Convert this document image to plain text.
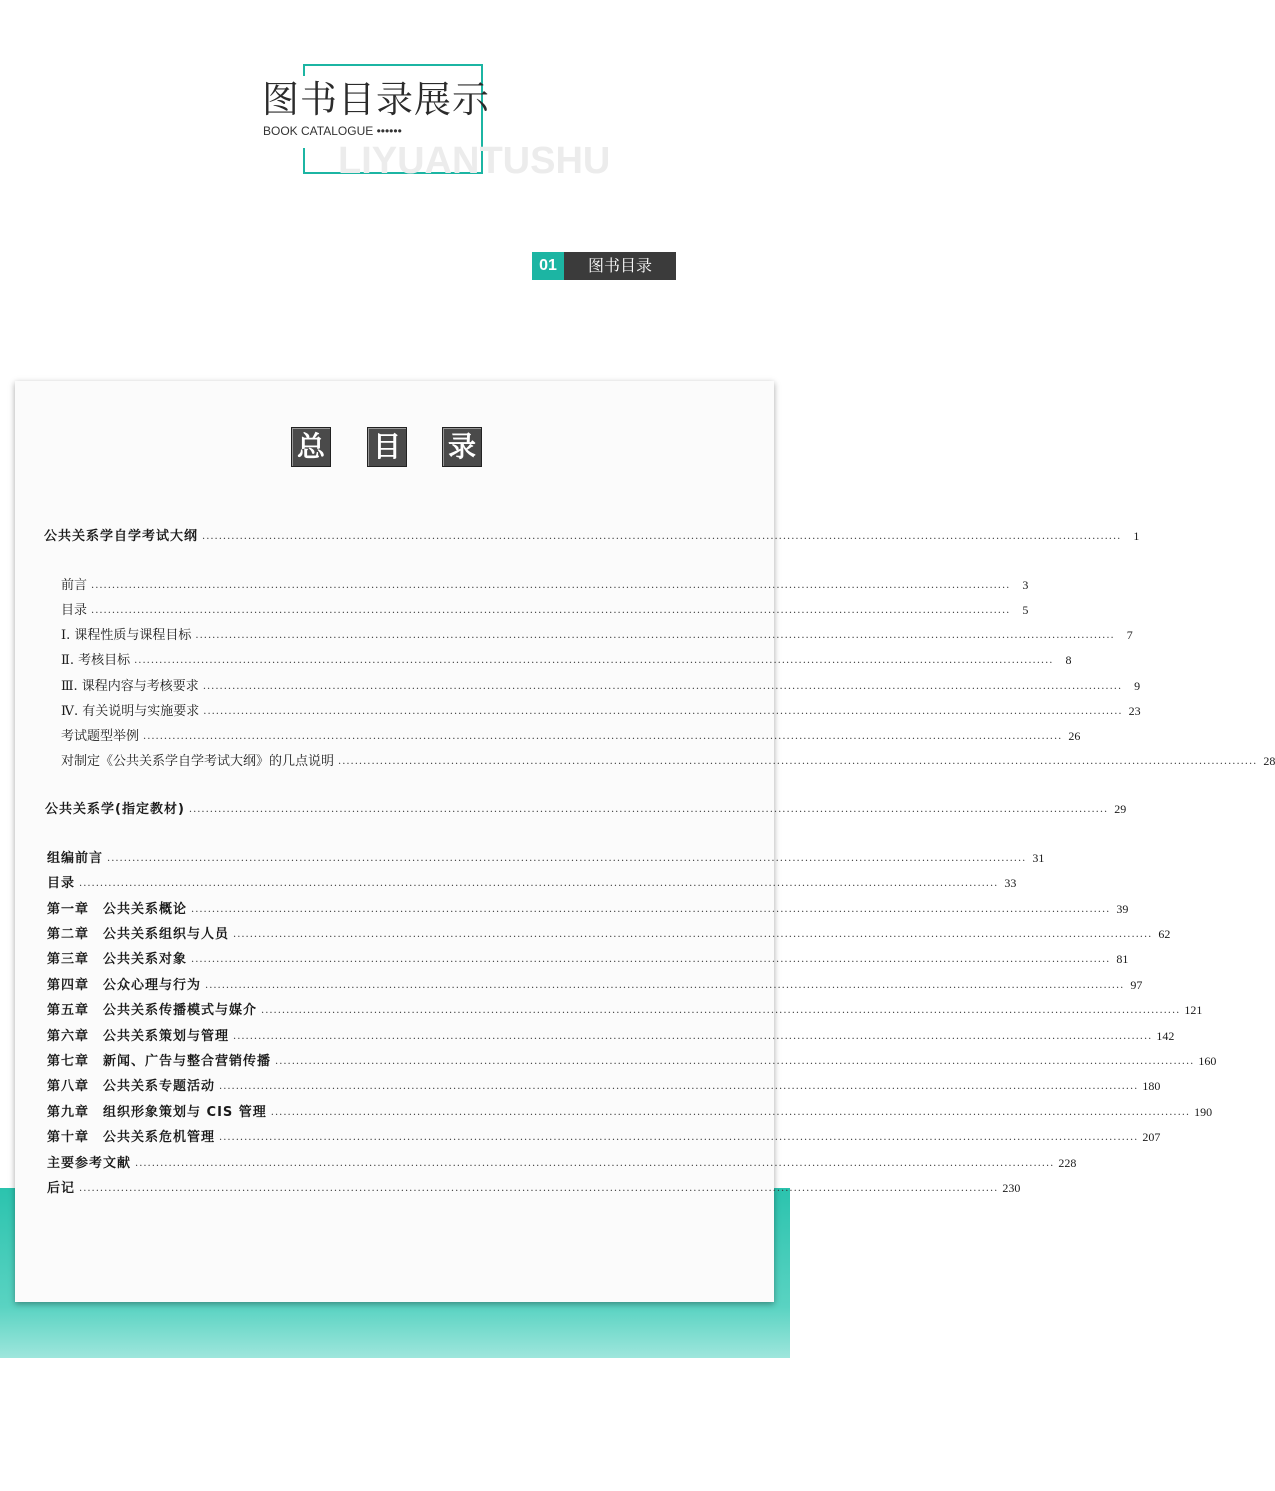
图书目录展示
BOOK CATALOGUE ••••••
LIYUANTUSHU
01	图书目录
总 目 录
公共关系学自学考试大纲 ............................................................................................................................................................................................................................	1
前言 ............................................................................................................................................................................................................................	3
目录 ............................................................................................................................................................................................................................	5
Ⅰ. 课程性质与课程目标 ............................................................................................................................................................................................................................	7
Ⅱ. 考核目标 ............................................................................................................................................................................................................................	8
Ⅲ. 课程内容与考核要求 ............................................................................................................................................................................................................................	9
Ⅳ. 有关说明与实施要求 ............................................................................................................................................................................................................................ 23
考试题型举例 ............................................................................................................................................................................................................................ 26
对制定《公共关系学自学考试大纲》的几点说明 ............................................................................................................................................................................................................................ 28
公共关系学(指定教材) ............................................................................................................................................................................................................................ 29
组编前言 ............................................................................................................................................................................................................................ 31
目录 ............................................................................................................................................................................................................................ 33
第一章　公共关系概论 ............................................................................................................................................................................................................................ 39
第二章　公共关系组织与人员 ............................................................................................................................................................................................................................ 62
第三章　公共关系对象 ............................................................................................................................................................................................................................ 81
第四章　公众心理与行为 ............................................................................................................................................................................................................................ 97
第五章　公共关系传播模式与媒介 ............................................................................................................................................................................................................................ 121
第六章　公共关系策划与管理 ............................................................................................................................................................................................................................ 142
第七章　新闻、广告与整合营销传播 ............................................................................................................................................................................................................................ 160
第八章　公共关系专题活动 ............................................................................................................................................................................................................................ 180
第九章　组织形象策划与 CIS 管理 ............................................................................................................................................................................................................................ 190
第十章　公共关系危机管理 ............................................................................................................................................................................................................................ 207
主要参考文献 ............................................................................................................................................................................................................................ 228
后记 ............................................................................................................................................................................................................................ 230
